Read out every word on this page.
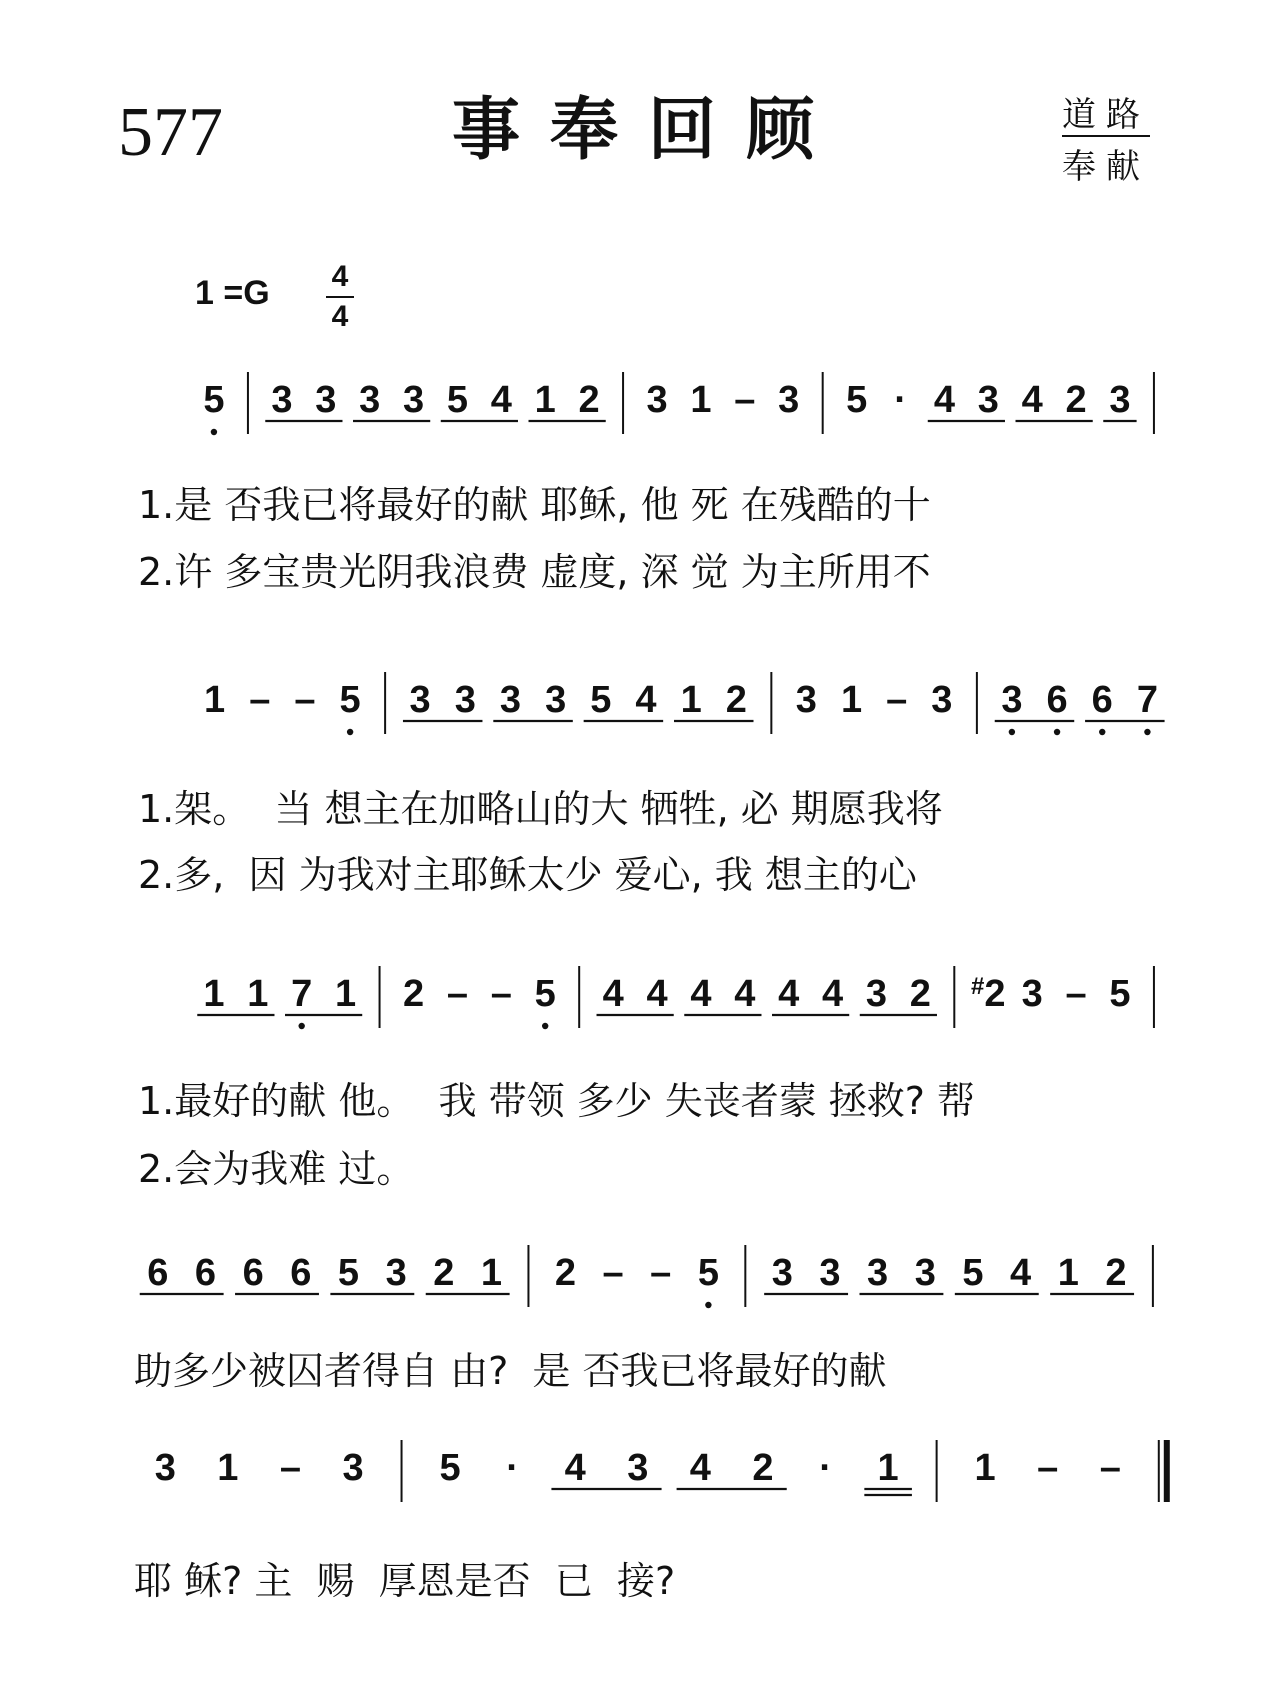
577	事奉回顾	道路
奉献
1 =G 4
4
5 3 3 3 3 5 4 1 2 3 1 – 3 5 · 4 3 4 2 3
1 – – 5 3 3 3 3 5 4 1 2 3 1 – 3 3 6 6 7
1 1 7 1 2 – – 5 4 4 4 4 4 4 3 2 #2 3 – 5
6 6 6 6 5 3 2 1 2 – – 5 3 3 3 3 5 4 1 2
3 1 – 3 5 · 4 3 4 2 · 1 1 – –
1.是 否我已将最好的献 耶稣, 他 死 在残酷的十
2.许 多宝贵光阴我浪费 虚度, 深 觉 为主所用不
1.架。  当 想主在加略山的大 牺牲, 必 期愿我将
2.多,  因 为我对主耶稣太少 爱心, 我 想主的心
1.最好的献 他。  我 带领 多少 失丧者蒙 拯救? 帮
2.会为我难 过。
助多少被囚者得自 由?  是 否我已将最好的献
耶 稣? 主  赐  厚恩是否  已  接?
